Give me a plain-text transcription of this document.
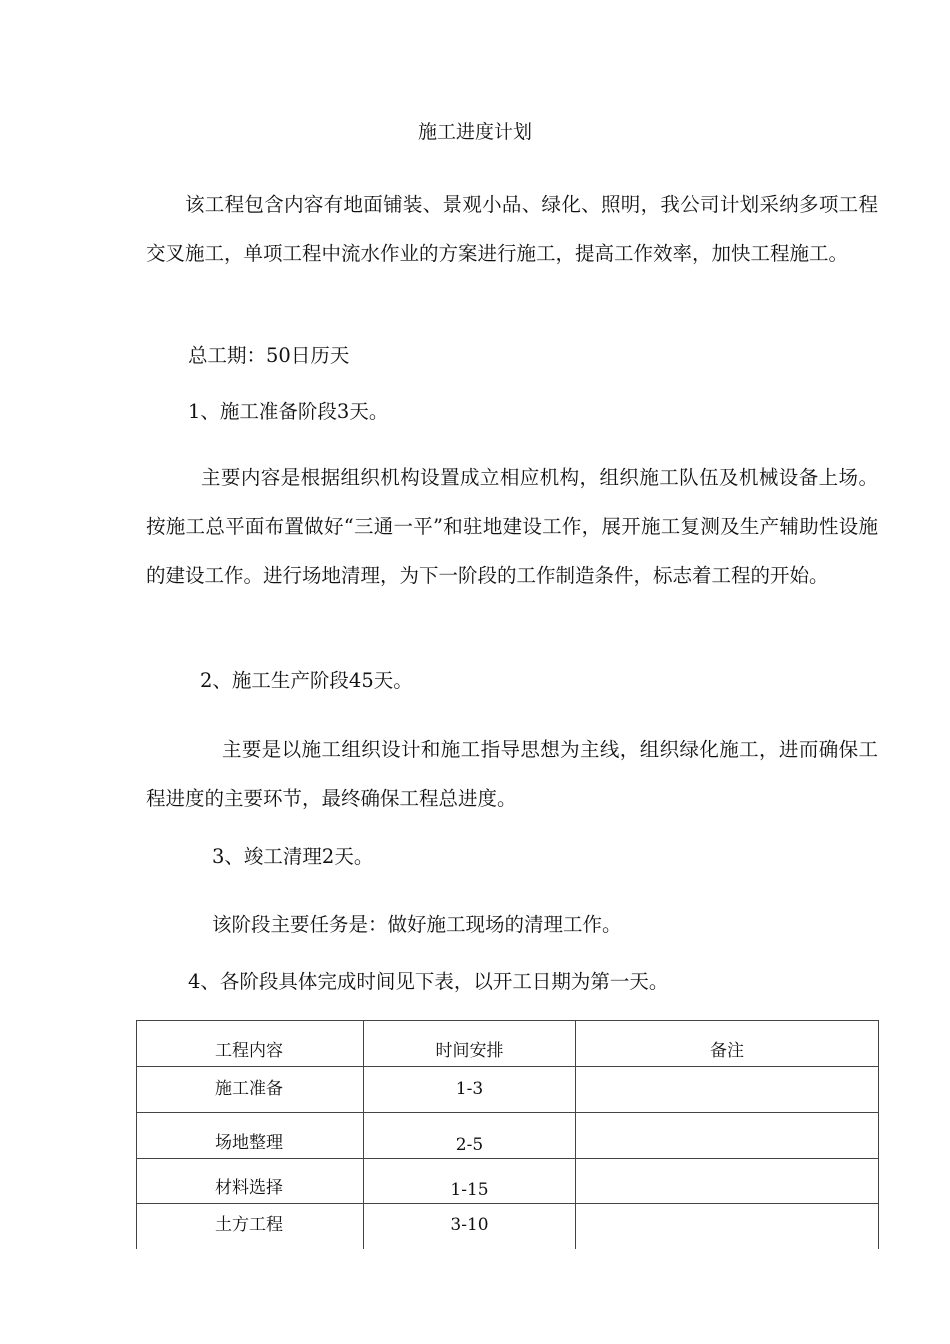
施工进度计划

该工程包含内容有地面铺装、景观小品、绿化、照明，我公司计划采纳多项工程交叉施工，单项工程中流水作业的方案进行施工，提高工作效率，加快工程施工。

总工期：50日历天
1、施工准备阶段3天。

主要内容是根据组织机构设置成立相应机构，组织施工队伍及机械设备上场。按施工总平面布置做好“三通一平”和驻地建设工作，展开施工复测及生产辅助性设施的建设工作。进行场地清理，为下一阶段的工作制造条件，标志着工程的开始。

2、施工生产阶段45天。

主要是以施工组织设计和施工指导思想为主线，组织绿化施工，进而确保工程进度的主要环节，最终确保工程总进度。

3、竣工清理2天。
该阶段主要任务是：做好施工现场的清理工作。
4、各阶段具体完成时间见下表，以开工日期为第一天。
工程内容	时间安排	备注

施工准备	1-3	

场地整理	2-5	

材料选择	1-15	

土方工程	3-10	
